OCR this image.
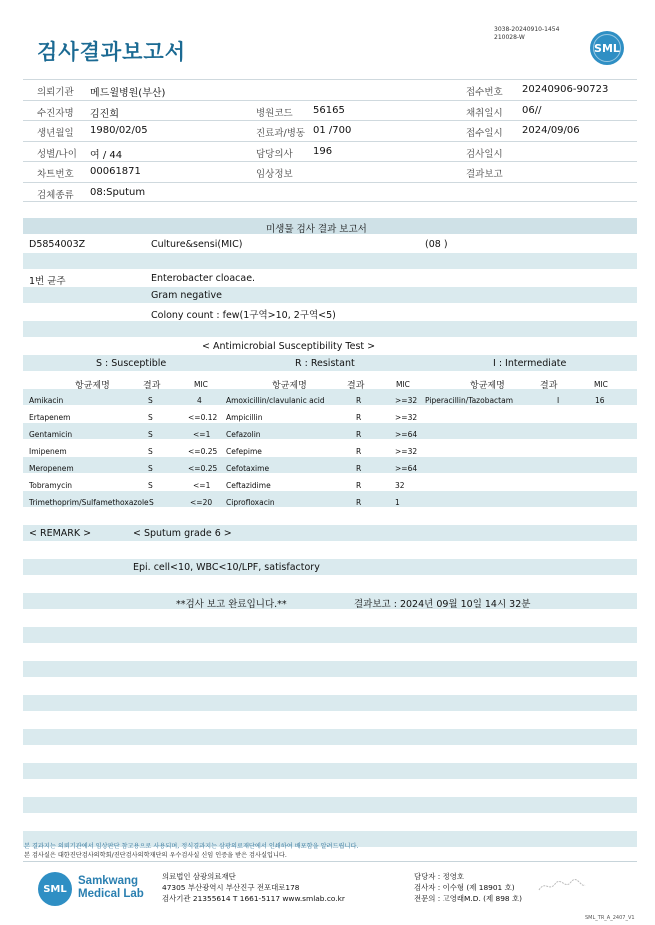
검사결과보고서
3038-20240910-1454
210028-W
SML
의뢰기관 메드윌병원(부산)	접수번호 20240906-90723
수진자명 김진희	병원코드 56165	채취일시 06//
생년월일 1980/02/05	진료과/병동 01 /700	접수일시 2024/09/06
성별/나이 여 / 44	담당의사 196	검사일시
차트번호 00061871	임상정보	결과보고
검체종류 08:Sputum
미생물 검사 결과 보고서
D5854003Z	Culture&sensi(MIC)	(08 )
1번 균주	Enterobacter cloacae.
Gram negative
Colony count : few(1구역>10, 2구역<5)
< Antimicrobial Susceptibility Test >
S : Susceptible	R : Resistant	I : Intermediate
항균제명	결과	MIC	항균제명	결과	MIC	항균제명	결과	MIC
Amikacin	S	4	Amoxicillin/clavulanic acid	R	>=32 Piperacillin/Tazobactam	I	16
Ertapenem	S	<=0.12 Ampicillin	R	>=32
Gentamicin	S	<=1 Cefazolin	R	>=64
Imipenem	S	<=0.25 Cefepime	R	>=32
Meropenem	S	<=0.25 Cefotaxime	R	>=64
Tobramycin	S	<=1 Ceftazidime	R	32
Trimethoprim/Sulfamethoxazole S	<=20 Ciprofloxacin	R	1
< REMARK >	< Sputum grade 6 >
Epi. cell<10, WBC<10/LPF, satisfactory
**검사 보고 완료입니다.**	결과보고 : 2024년 09월 10일 14시 32분
본 결과지는 의뢰기관에서 임상판단 참고용으로 사용되며, 정식결과지는 삼광의료재단에서 인쇄하여 배포함을 알려드립니다.
본 검사실은 대한진단검사의학회/진단검사의학재단의 우수검사실 신임 인증을 받은 검사실입니다.
SML
Samkwang
Medical Lab
의료법인 삼광의료재단
47305 부산광역시 부산진구 전포대로178
검사기관 21355614 T 1661-5117 www.smlab.co.kr
담당자 : 정영호
검사자 : 이수형 (제 18901 호)
전문의 : 고영래M.D. (제 898 호)
SML_TR_A_2407_V1
